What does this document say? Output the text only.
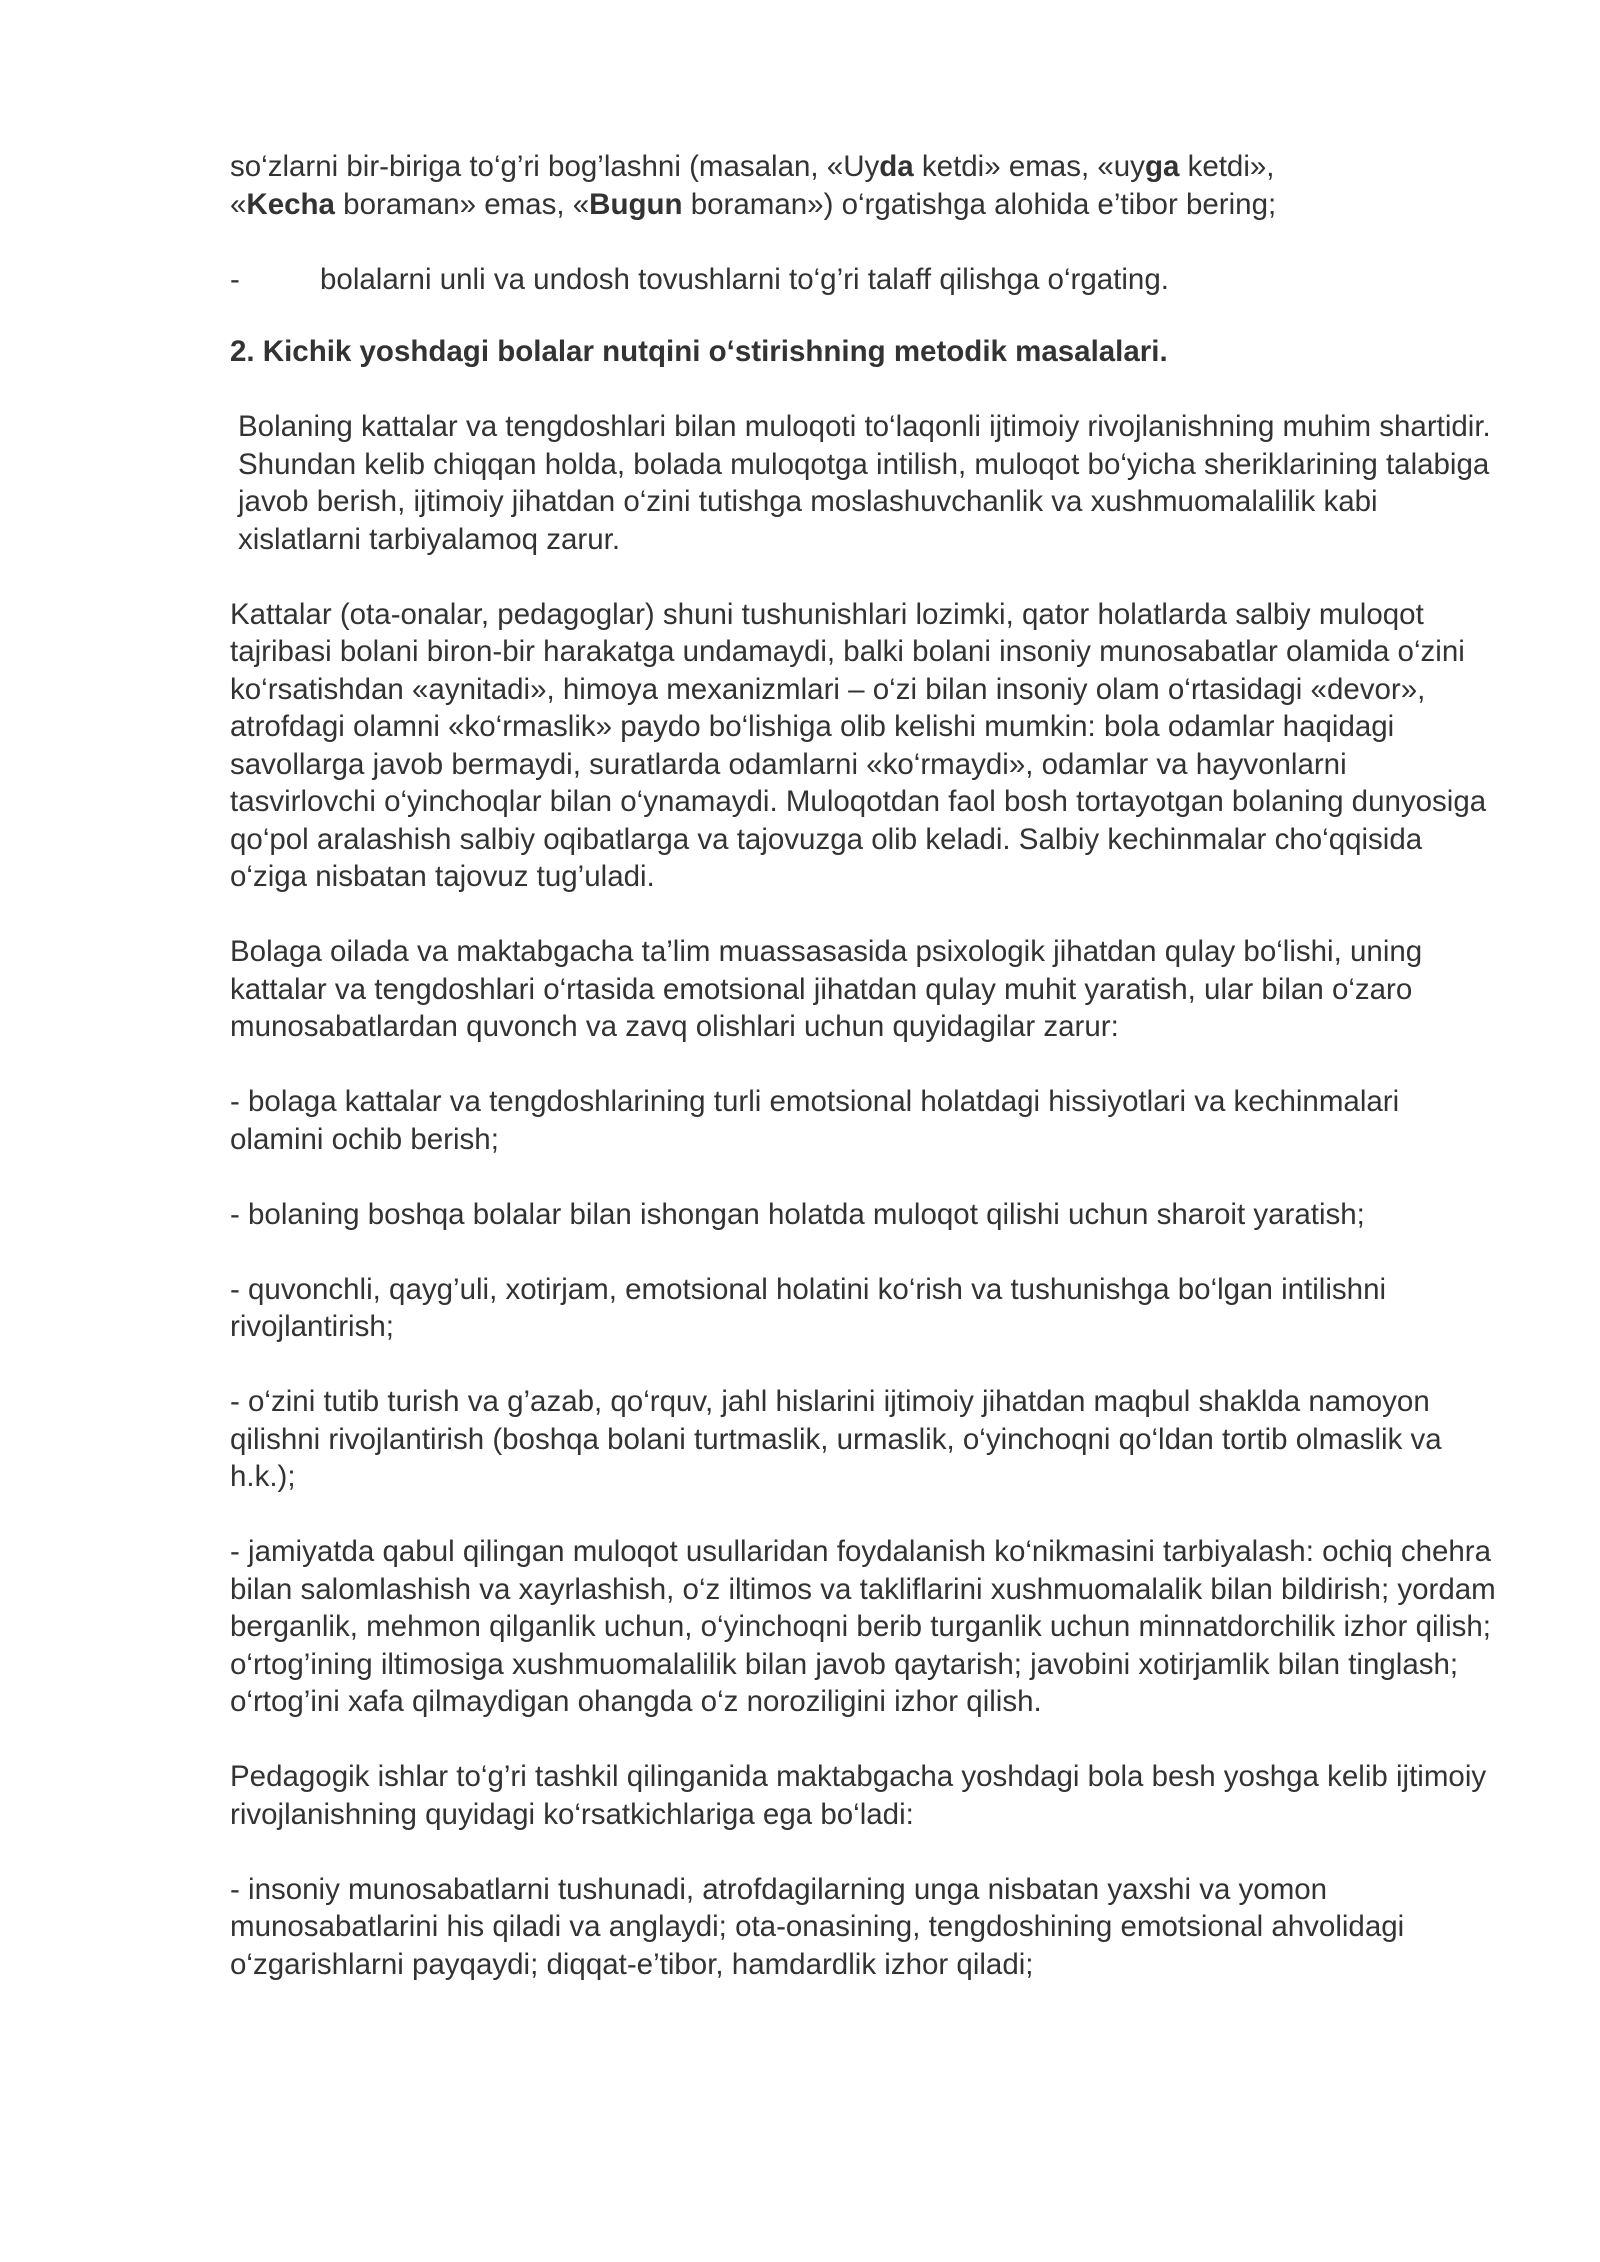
so‘zlarni bir-biriga to‘g’ri bog’lashni (masalan, «Uyda ketdi» emas, «uyga ketdi»,
«Kecha boraman» emas, «Bugun boraman») o‘rgatishga alohida e’tibor bering;

-	bolalarni unli va undosh tovushlarni to‘g’ri talaff qilishga o‘rgating.

2. Kichik yoshdagi bolalar nutqini o‘stirishning metodik masalalari.

Bolaning kattalar va tengdoshlari bilan muloqoti to‘laqonli ijtimoiy rivojlanishning muhim shartidir. Shundan kelib chiqqan holda, bolada muloqotga intilish, muloqot bo‘yicha sheriklarining talabiga javob berish, ijtimoiy jihatdan o‘zini tutishga moslashuvchanlik va xushmuomalalilik kabi xislatlarni tarbiyalamoq zarur.

Kattalar (ota-onalar, pedagoglar) shuni tushunishlari lozimki, qator holatlarda salbiy muloqot tajribasi bolani biron-bir harakatga undamaydi, balki bolani insoniy munosabatlar olamida o‘zini ko‘rsatishdan «aynitadi», himoya mexanizmlari – o‘zi bilan insoniy olam o‘rtasidagi «devor», atrofdagi olamni «ko‘rmaslik» paydo bo‘lishiga olib kelishi mumkin: bola odamlar haqidagi savollarga javob bermaydi, suratlarda odamlarni «ko‘rmaydi», odamlar va hayvonlarni tasvirlovchi o‘yinchoqlar bilan o‘ynamaydi. Muloqotdan faol bosh tortayotgan bolaning dunyosiga qo‘pol aralashish salbiy oqibatlarga va tajovuzga olib keladi. Salbiy kechinmalar cho‘qqisida o‘ziga nisbatan tajovuz tug’uladi.

Bolaga oilada va maktabgacha ta’lim muassasasida psixologik jihatdan qulay bo‘lishi, uning kattalar va tengdoshlari o‘rtasida emotsional jihatdan qulay muhit yaratish, ular bilan o‘zaro munosabatlardan quvonch va zavq olishlari uchun quyidagilar zarur:

- bolaga kattalar va tengdoshlarining turli emotsional holatdagi hissiyotlari va kechinmalari olamini ochib berish;

- bolaning boshqa bolalar bilan ishongan holatda muloqot qilishi uchun sharoit yaratish;

- quvonchli, qayg’uli, xotirjam, emotsional holatini ko‘rish va tushunishga bo‘lgan intilishni rivojlantirish;

- o‘zini tutib turish va g’azab, qo‘rquv, jahl hislarini ijtimoiy jihatdan maqbul shaklda namoyon qilishni rivojlantirish (boshqa bolani turtmaslik, urmaslik, o‘yinchoqni qo‘ldan tortib olmaslik va h.k.);

- jamiyatda qabul qilingan muloqot usullaridan foydalanish ko‘nikmasini tarbiyalash: ochiq chehra bilan salomlashish va xayrlashish, o‘z iltimos va takliflarini xushmuomalalik bilan bildirish; yordam berganlik, mehmon qilganlik uchun, o‘yinchoqni berib turganlik uchun minnatdorchilik izhor qilish; o‘rtog’ining iltimosiga xushmuomalalilik bilan javob qaytarish; javobini xotirjamlik bilan tinglash; o‘rtog’ini xafa qilmaydigan ohangda o‘z noroziligini izhor qilish.

Pedagogik ishlar to‘g’ri tashkil qilinganida maktabgacha yoshdagi bola besh yoshga kelib ijtimoiy rivojlanishning quyidagi ko‘rsatkichlariga ega bo‘ladi:

- insoniy munosabatlarni tushunadi, atrofdagilarning unga nisbatan yaxshi va yomon munosabatlarini his qiladi va anglaydi; ota-onasining, tengdoshining emotsional ahvolidagi o‘zgarishlarni payqaydi; diqqat-e’tibor, hamdardlik izhor qiladi;
